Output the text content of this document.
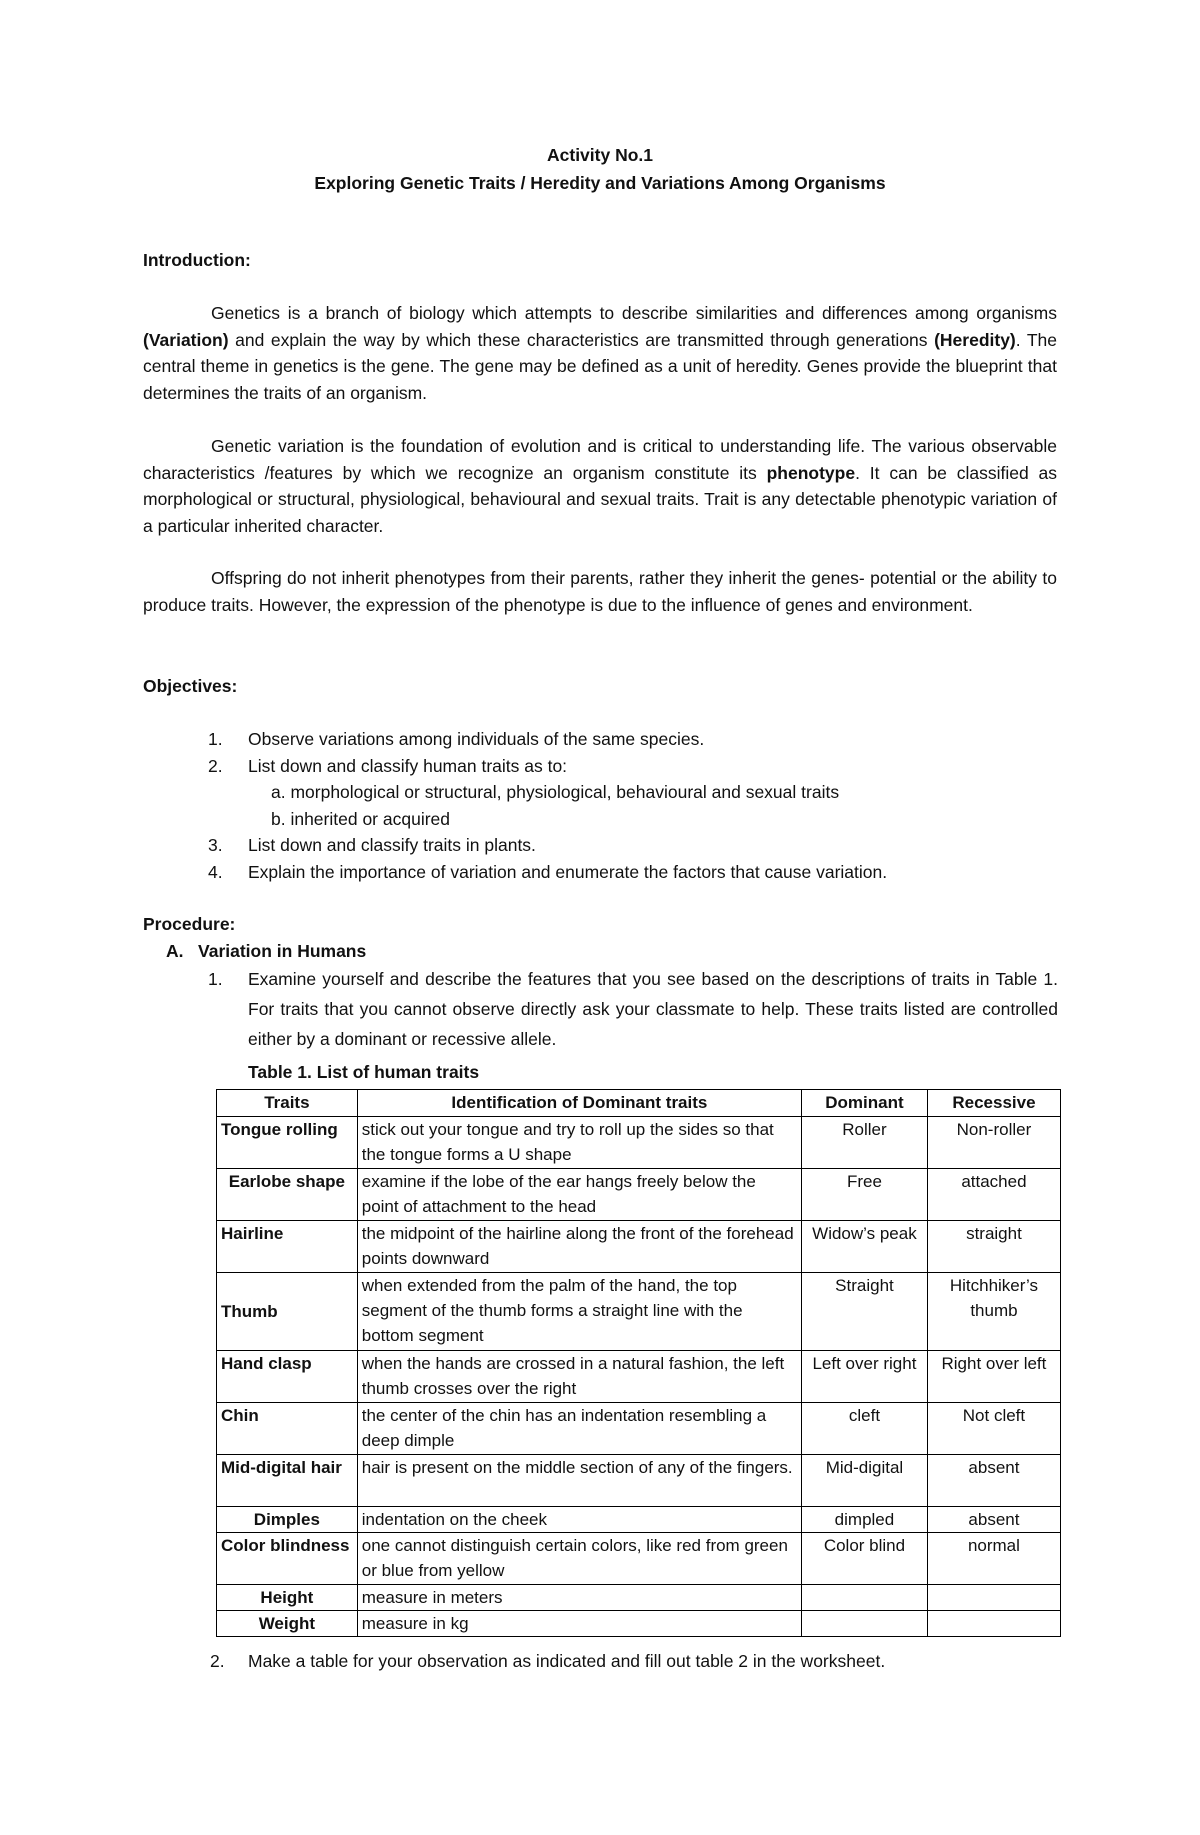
Activity No.1
Exploring Genetic Traits / Heredity and Variations Among Organisms
Introduction:

Genetics is a branch of biology which attempts to describe similarities and differences among organisms (Variation) and explain the way by which these characteristics are transmitted through generations (Heredity). The central theme in genetics is the gene. The gene may be defined as a unit of heredity. Genes provide the blueprint that determines the traits of an organism.

Genetic variation is the foundation of evolution and is critical to understanding life. The various observable characteristics /features by which we recognize an organism constitute its phenotype. It can be classified as morphological or structural, physiological, behavioural and sexual traits. Trait is any detectable phenotypic variation of a particular inherited character.

Offspring do not inherit phenotypes from their parents, rather they inherit the genes- potential or the ability to produce traits. However, the expression of the phenotype is due to the influence of genes and environment.

Objectives:
1. Observe variations among individuals of the same species.
2. List down and classify human traits as to:
a. morphological or structural, physiological, behavioural and sexual traits
b. inherited or acquired
3. List down and classify traits in plants.
4. Explain the importance of variation and enumerate the factors that cause variation.
Procedure:
A. Variation in Humans
1. Examine yourself and describe the features that you see based on the descriptions of traits in Table 1. For traits that you cannot observe directly ask your classmate to help. These traits listed are controlled either by a dominant or recessive allele.
Table 1. List of human traits
Traits	Identification of Dominant traits	Dominant	Recessive
Tongue rolling	stick out your tongue and try to roll up the sides so that the tongue forms a U shape	Roller	Non-roller
Earlobe shape	examine if the lobe of the ear hangs freely below the point of attachment to the head	Free	attached
Hairline	the midpoint of the hairline along the front of the forehead points downward	Widow’s peak	straight
Thumb	when extended from the palm of the hand, the top segment of the thumb forms a straight line with the bottom segment	Straight	Hitchhiker’s thumb
Hand clasp	when the hands are crossed in a natural fashion, the left thumb crosses over the right	Left over right	Right over left
Chin	the center of the chin has an indentation resembling a deep dimple	cleft	Not cleft
Mid-digital hair	hair is present on the middle section of any of the fingers.	Mid-digital	absent
Dimples	indentation on the cheek	dimpled	absent
Color blindness	one cannot distinguish certain colors, like red from green or blue from yellow	Color blind	normal
Height	measure in meters		
Weight	measure in kg		
2. Make a table for your observation as indicated and fill out table 2 in the worksheet.
